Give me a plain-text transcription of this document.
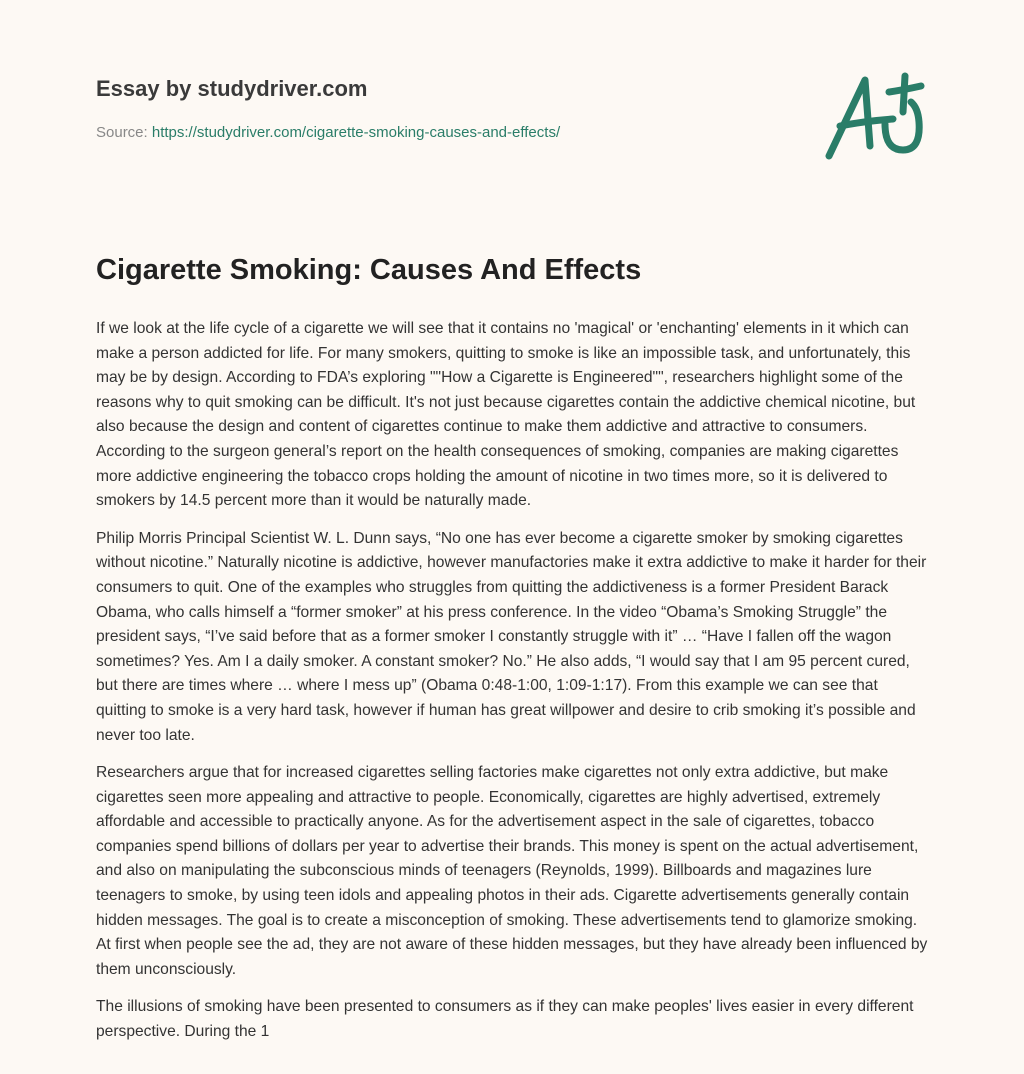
Essay by studydriver.com
Source: https://studydriver.com/cigarette-smoking-causes-and-effects/
Cigarette Smoking: Causes And Effects

If we look at the life cycle of a cigarette we will see that it contains no 'magical' or 'enchanting' elements in it which can make a person addicted for life. For many smokers, quitting to smoke is like an impossible task, and unfortunately, this may be by design. According to FDA’s exploring ""How a Cigarette is Engineered"", researchers highlight some of the reasons why to quit smoking can be difficult. It's not just because cigarettes contain the addictive chemical nicotine, but also because the design and content of cigarettes continue to make them addictive and attractive to consumers. According to the surgeon general’s report on the health consequences of smoking, companies are making cigarettes more addictive engineering the tobacco crops holding the amount of nicotine in two times more, so it is delivered to smokers by 14.5 percent more than it would be naturally made.

Philip Morris Principal Scientist W. L. Dunn says, “No one has ever become a cigarette smoker by smoking cigarettes without nicotine.” Naturally nicotine is addictive, however manufactories make it extra addictive to make it harder for their consumers to quit. One of the examples who struggles from quitting the addictiveness is a former President Barack Obama, who calls himself a “former smoker” at his press conference. In the video “Obama’s Smoking Struggle” the president says, “I’ve said before that as a former smoker I constantly struggle with it” … “Have I fallen off the wagon sometimes? Yes. Am I a daily smoker. A constant smoker? No.” He also adds, “I would say that I am 95 percent cured, but there are times where … where I mess up” (Obama 0:48-1:00, 1:09-1:17). From this example we can see that quitting to smoke is a very hard task, however if human has great willpower and desire to crib smoking it’s possible and never too late.

Researchers argue that for increased cigarettes selling factories make cigarettes not only extra addictive, but make cigarettes seen more appealing and attractive to people. Economically, cigarettes are highly advertised, extremely affordable and accessible to practically anyone. As for the advertisement aspect in the sale of cigarettes, tobacco companies spend billions of dollars per year to advertise their brands. This money is spent on the actual advertisement, and also on manipulating the subconscious minds of teenagers (Reynolds, 1999). Billboards and magazines lure teenagers to smoke, by using teen idols and appealing photos in their ads. Cigarette advertisements generally contain hidden messages. The goal is to create a misconception of smoking. These advertisements tend to glamorize smoking. At first when people see the ad, they are not aware of these hidden messages, but they have already been influenced by them unconsciously.

The illusions of smoking have been presented to consumers as if they can make peoples' lives easier in every different perspective. During the 1
